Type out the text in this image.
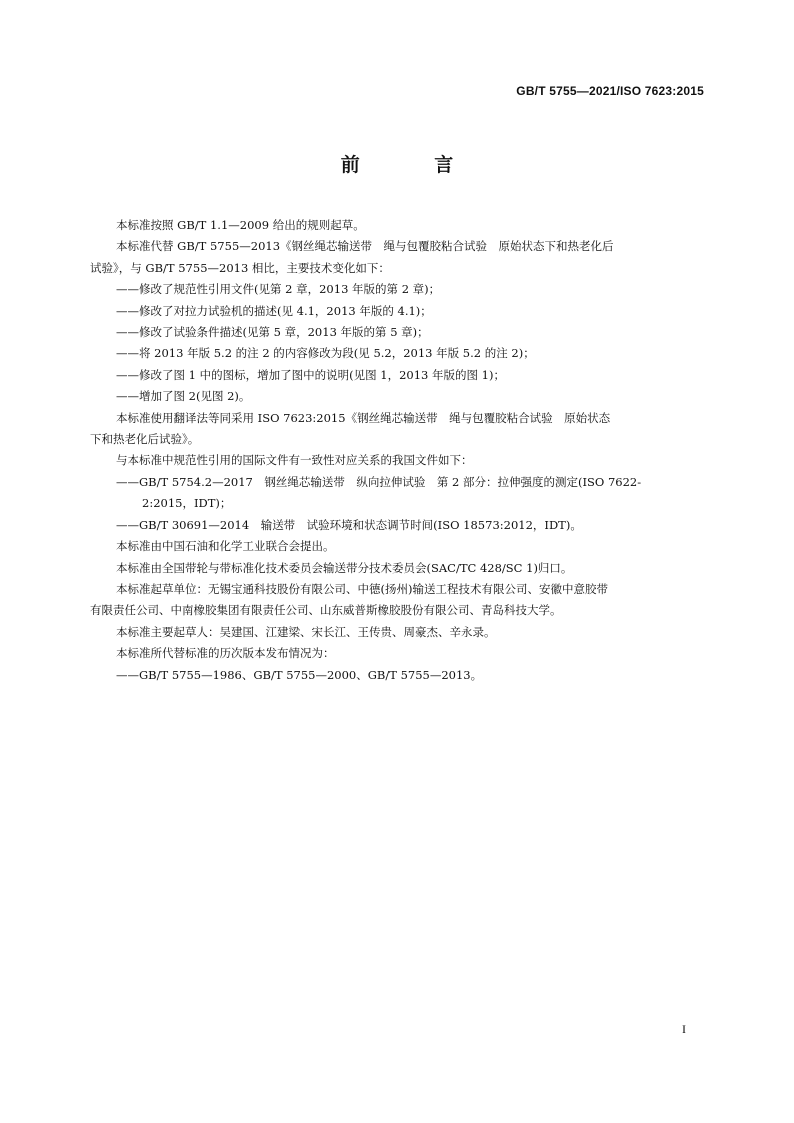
GB/T 5755—2021/ISO 7623:2015
前 言

本标准按照 GB/T 1.1—2009 给出的规则起草。

本标准代替 GB/T 5755—2013《钢丝绳芯输送带　绳与包覆胶粘合试验　原始状态下和热老化后
试验》，与 GB/T 5755—2013 相比，主要技术变化如下：

——修改了规范性引用文件(见第 2 章，2013 年版的第 2 章)；

——修改了对拉力试验机的描述(见 4.1，2013 年版的 4.1)；

——修改了试验条件描述(见第 5 章，2013 年版的第 5 章)；

——将 2013 年版 5.2 的注 2 的内容修改为段(见 5.2，2013 年版 5.2 的注 2)；

——修改了图 1 中的图标，增加了图中的说明(见图 1，2013 年版的图 1)；

——增加了图 2(见图 2)。

本标准使用翻译法等同采用 ISO 7623:2015《钢丝绳芯输送带　绳与包覆胶粘合试验　原始状态
下和热老化后试验》。

与本标准中规范性引用的国际文件有一致性对应关系的我国文件如下：

——GB/T 5754.2—2017　钢丝绳芯输送带　纵向拉伸试验　第 2 部分：拉伸强度的测定(ISO 7622-
2:2015，IDT)；

——GB/T 30691—2014　输送带　试验环境和状态调节时间(ISO 18573:2012，IDT)。

本标准由中国石油和化学工业联合会提出。

本标准由全国带轮与带标准化技术委员会输送带分技术委员会(SAC/TC 428/SC 1)归口。

本标准起草单位：无锡宝通科技股份有限公司、中德(扬州)输送工程技术有限公司、安徽中意胶带
有限责任公司、中南橡胶集团有限责任公司、山东威普斯橡胶股份有限公司、青岛科技大学。

本标准主要起草人：吴建国、江建梁、宋长江、王传贵、周豪杰、辛永录。

本标准所代替标准的历次版本发布情况为：

——GB/T 5755—1986、GB/T 5755—2000、GB/T 5755—2013。

I
